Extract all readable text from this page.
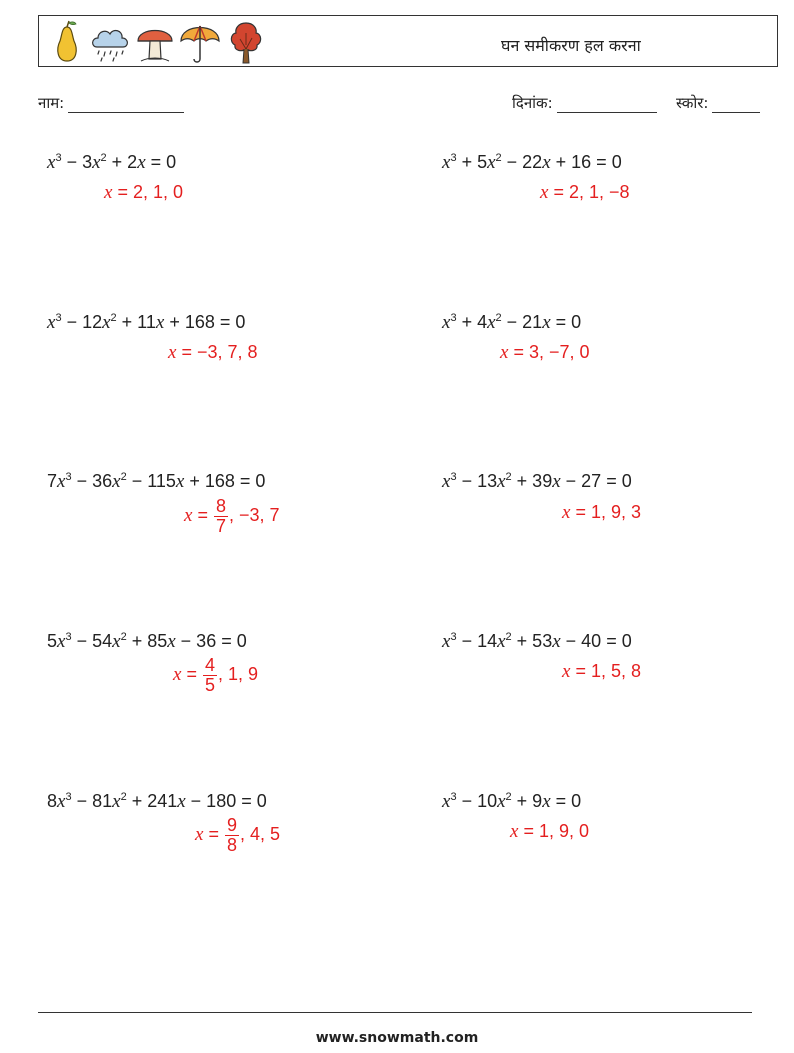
घन समीकरण हल करना
नाम:	दिनांक:	स्कोर:
$x^3 - 3x^2 + 2x = 0$
x = 2, 1, 0
$x^3 + 5x^2 - 22x + 16 = 0$
x = 2, 1, −8
$x^3 - 12x^2 + 11x + 168 = 0$
x = −3, 7, 8
$x^3 + 4x^2 - 21x = 0$
x = 3, −7, 0
$7x^3 - 36x^2 - 115x + 168 = 0$
$x = \frac{8}{7}$ , −3, 7
$x^3 - 13x^2 + 39x - 27 = 0$
x = 1, 9, 3
$5x^3 - 54x^2 + 85x - 36 = 0$
$x = \frac{4}{5}$ , 1, 9
$x^3 - 14x^2 + 53x - 40 = 0$
x = 1, 5, 8
$8x^3 - 81x^2 + 241x - 180 = 0$
$x = \frac{9}{8}$ , 4, 5
$x^3 - 10x^2 + 9x = 0$
x = 1, 9, 0
www.snowmath.com
